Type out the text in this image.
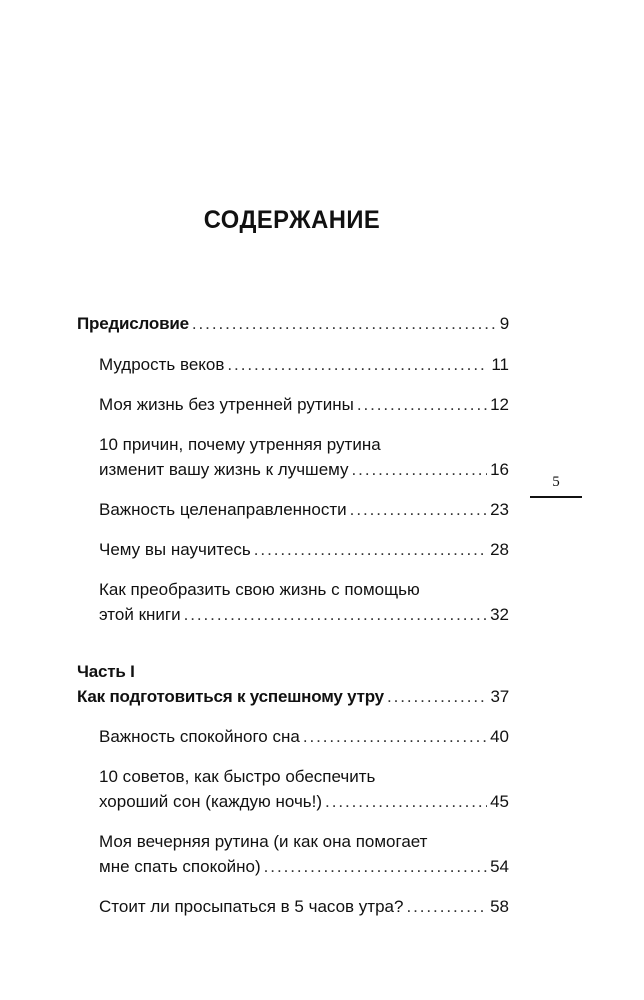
СОДЕРЖАНИЕ
Предисловие . . .	9
Мудрость веков . . .	11
Моя жизнь без утренней рутины . . .	12
10 причин, почему утренняя рутина
изменит вашу жизнь к лучшему . . .	16
Важность целенаправленности . . .	23
Чему вы научитесь . . .	28
Как преобразить свою жизнь с помощью
этой книги . . .	32
Часть I
Как подготовиться к успешному утру . . .	37
Важность спокойного сна . . .	40
10 советов, как быстро обеспечить
хороший сон (каждую ночь!) . . .	45
Моя вечерняя рутина (и как она помогает
мне спать спокойно) . . .	54
Стоит ли просыпаться в 5 часов утра? . . .	58
5
